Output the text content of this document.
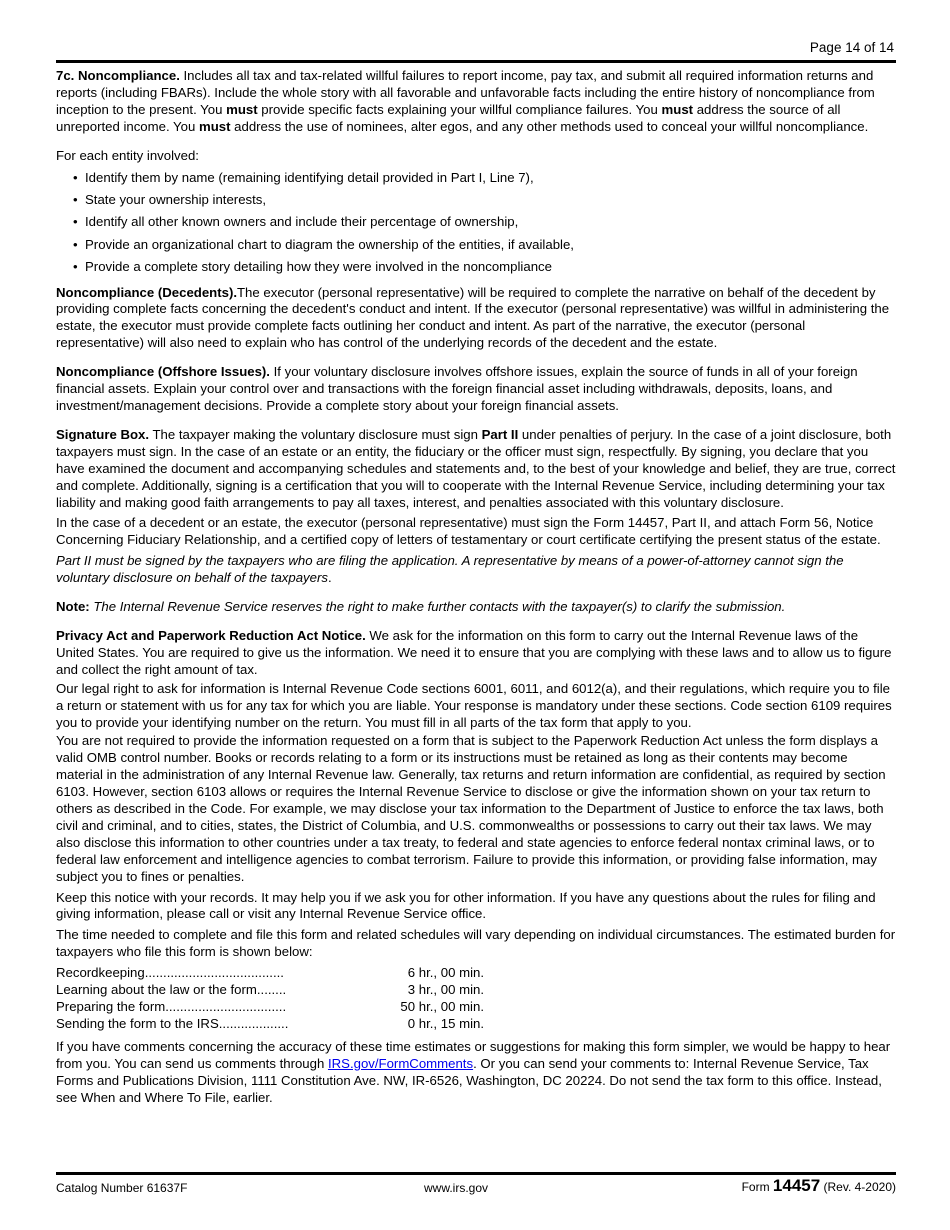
Page 14 of 14

7c. Noncompliance. Includes all tax and tax-related willful failures to report income, pay tax, and submit all required information returns and reports (including FBARs). Include the whole story with all favorable and unfavorable facts including the entire history of noncompliance from inception to the present. You must provide specific facts explaining your willful compliance failures. You must address the source of all unreported income. You must address the use of nominees, alter egos, and any other methods used to conceal your willful noncompliance.

For each entity involved:

• Identify them by name (remaining identifying detail provided in Part I, Line 7),
• State your ownership interests,
• Identify all other known owners and include their percentage of ownership,
• Provide an organizational chart to diagram the ownership of the entities, if available,
• Provide a complete story detailing how they were involved in the noncompliance

Noncompliance (Decedents).The executor (personal representative) will be required to complete the narrative on behalf of the decedent by providing complete facts concerning the decedent's conduct and intent. If the executor (personal representative) was willful in administering the estate, the executor must provide complete facts outlining her conduct and intent. As part of the narrative, the executor (personal representative) will also need to explain who has control of the underlying records of the decedent and the estate.

Noncompliance (Offshore Issues). If your voluntary disclosure involves offshore issues, explain the source of funds in all of your foreign financial assets. Explain your control over and transactions with the foreign financial asset including withdrawals, deposits, loans, and investment/management decisions. Provide a complete story about your foreign financial assets.

Signature Box. The taxpayer making the voluntary disclosure must sign Part II under penalties of perjury. In the case of a joint disclosure, both taxpayers must sign. In the case of an estate or an entity, the fiduciary or the officer must sign, respectfully. By signing, you declare that you have examined the document and accompanying schedules and statements and, to the best of your knowledge and belief, they are true, correct and complete. Additionally, signing is a certification that you will to cooperate with the Internal Revenue Service, including determining your tax liability and making good faith arrangements to pay all taxes, interest, and penalties associated with this voluntary disclosure.

In the case of a decedent or an estate, the executor (personal representative) must sign the Form 14457, Part II, and attach Form 56, Notice Concerning Fiduciary Relationship, and a certified copy of letters of testamentary or court certificate certifying the present status of the estate.

Part II must be signed by the taxpayers who are filing the application. A representative by means of a power-of-attorney cannot sign the voluntary disclosure on behalf of the taxpayers.

Note: The Internal Revenue Service reserves the right to make further contacts with the taxpayer(s) to clarify the submission.

Privacy Act and Paperwork Reduction Act Notice. We ask for the information on this form to carry out the Internal Revenue laws of the United States. You are required to give us the information. We need it to ensure that you are complying with these laws and to allow us to figure and collect the right amount of tax.

Our legal right to ask for information is Internal Revenue Code sections 6001, 6011, and 6012(a), and their regulations, which require you to file a return or statement with us for any tax for which you are liable. Your response is mandatory under these sections. Code section 6109 requires you to provide your identifying number on the return. You must fill in all parts of the tax form that apply to you.

You are not required to provide the information requested on a form that is subject to the Paperwork Reduction Act unless the form displays a valid OMB control number. Books or records relating to a form or its instructions must be retained as long as their contents may become material in the administration of any Internal Revenue law. Generally, tax returns and return information are confidential, as required by section 6103. However, section 6103 allows or requires the Internal Revenue Service to disclose or give the information shown on your tax return to others as described in the Code. For example, we may disclose your tax information to the Department of Justice to enforce the tax laws, both civil and criminal, and to cities, states, the District of Columbia, and U.S. commonwealths or possessions to carry out their tax laws. We may also disclose this information to other countries under a tax treaty, to federal and state agencies to enforce federal nontax criminal laws, or to federal law enforcement and intelligence agencies to combat terrorism. Failure to provide this information, or providing false information, may subject you to fines or penalties.

Keep this notice with your records. It may help you if we ask you for other information. If you have any questions about the rules for filing and giving information, please call or visit any Internal Revenue Service office.

The time needed to complete and file this form and related schedules will vary depending on individual circumstances. The estimated burden for taxpayers who file this form is shown below:

Recordkeeping......................................	6 hr., 00 min.
Learning about the law or the form........	3 hr., 00 min.
Preparing the form.................................	50 hr., 00 min.
Sending the form to the IRS...................	0 hr., 15 min.

If you have comments concerning the accuracy of these time estimates or suggestions for making this form simpler, we would be happy to hear from you. You can send us comments through IRS.gov/FormComments. Or you can send your comments to: Internal Revenue Service, Tax Forms and Publications Division, 1111 Constitution Ave. NW, IR-6526, Washington, DC 20224. Do not send the tax form to this office. Instead, see When and Where To File, earlier.

Catalog Number 61637F	www.irs.gov	Form 14457 (Rev. 4-2020)
